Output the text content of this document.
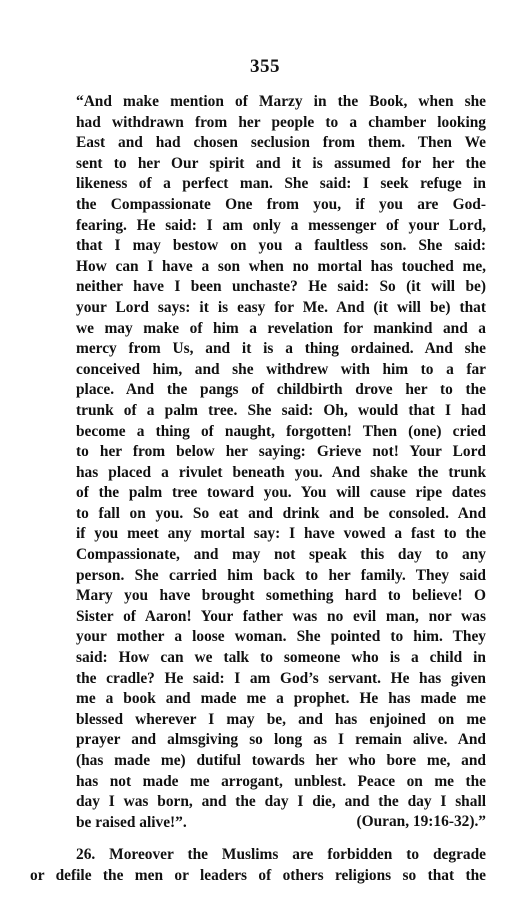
355
“And make mention of Marzy in the Book, when she
had withdrawn from her people to a chamber looking
East and had chosen seclusion from them. Then We
sent to her Our spirit and it is assumed for her the
likeness of a perfect man. She said: I seek refuge in
the Compassionate One from you, if you are God-
fearing. He said: I am only a messenger of your Lord,
that I may bestow on you a faultless son. She said:
How can I have a son when no mortal has touched me,
neither have I been unchaste? He said: So (it will be)
your Lord says: it is easy for Me. And (it will be) that
we may make of him a revelation for mankind and a
mercy from Us, and it is a thing ordained. And she
conceived him, and she withdrew with him to a far
place. And the pangs of childbirth drove her to the
trunk of a palm tree. She said: Oh, would that I had
become a thing of naught, forgotten! Then (one) cried
to her from below her saying: Grieve not! Your Lord
has placed a rivulet beneath you. And shake the trunk
of the palm tree toward you. You will cause ripe dates
to fall on you. So eat and drink and be consoled. And
if you meet any mortal say: I have vowed a fast to the
Compassionate, and may not speak this day to any
person. She carried him back to her family. They said
Mary you have brought something hard to believe! O
Sister of Aaron! Your father was no evil man, nor was
your mother a loose woman. She pointed to him. They
said: How can we talk to someone who is a child in
the cradle? He said: I am God’s servant. He has given
me a book and made me a prophet. He has made me
blessed wherever I may be, and has enjoined on me
prayer and almsgiving so long as I remain alive. And
(has made me) dutiful towards her who bore me, and
has not made me arrogant, unblest. Peace on me the
day I was born, and the day I die, and the day I shall
be raised alive!”.	(Ouran, 19:16-32).”
26. Moreover the Muslims are forbidden to degrade
or defile the men or leaders of others religions so that the
